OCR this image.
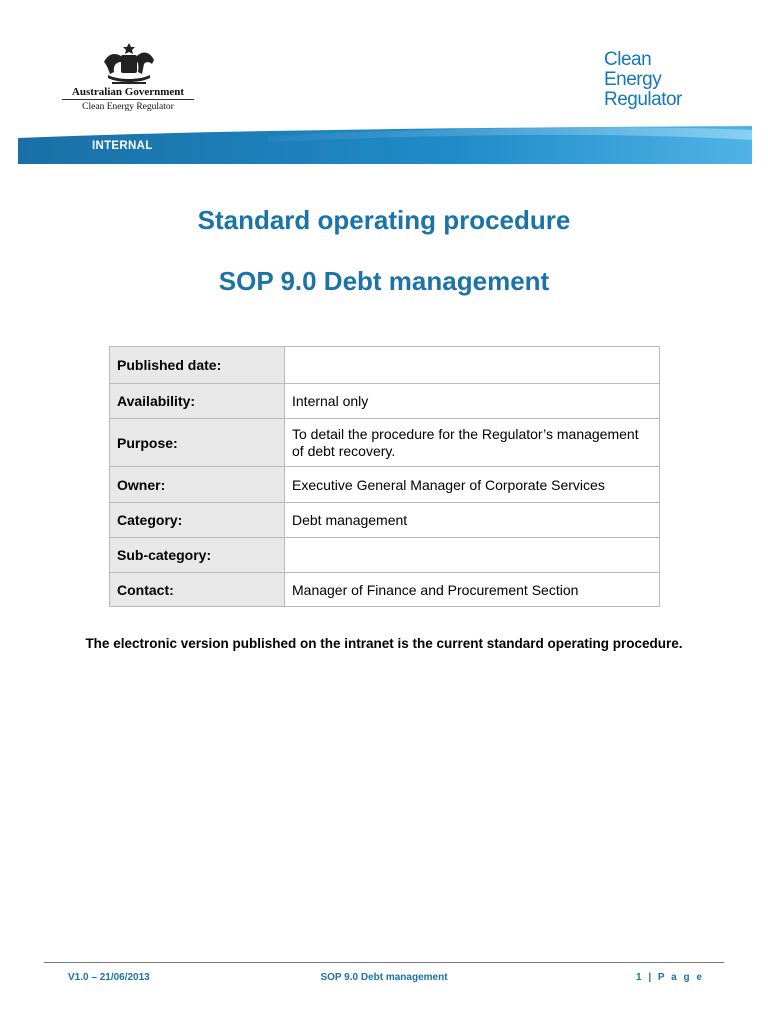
Australian Government
Clean Energy Regulator
Clean
Energy
Regulator
INTERNAL
Standard operating procedure
SOP 9.0 Debt management
Published date:	
Availability:	Internal only
Purpose:	To detail the procedure for the Regulator’s management of debt recovery.
Owner:	Executive General Manager of Corporate Services
Category:	Debt management
Sub-category:	
Contact:	Manager of Finance and Procurement Section
The electronic version published on the intranet is the current standard operating procedure.
V1.0 – 21/06/2013	SOP 9.0 Debt management	1 | P a g e
